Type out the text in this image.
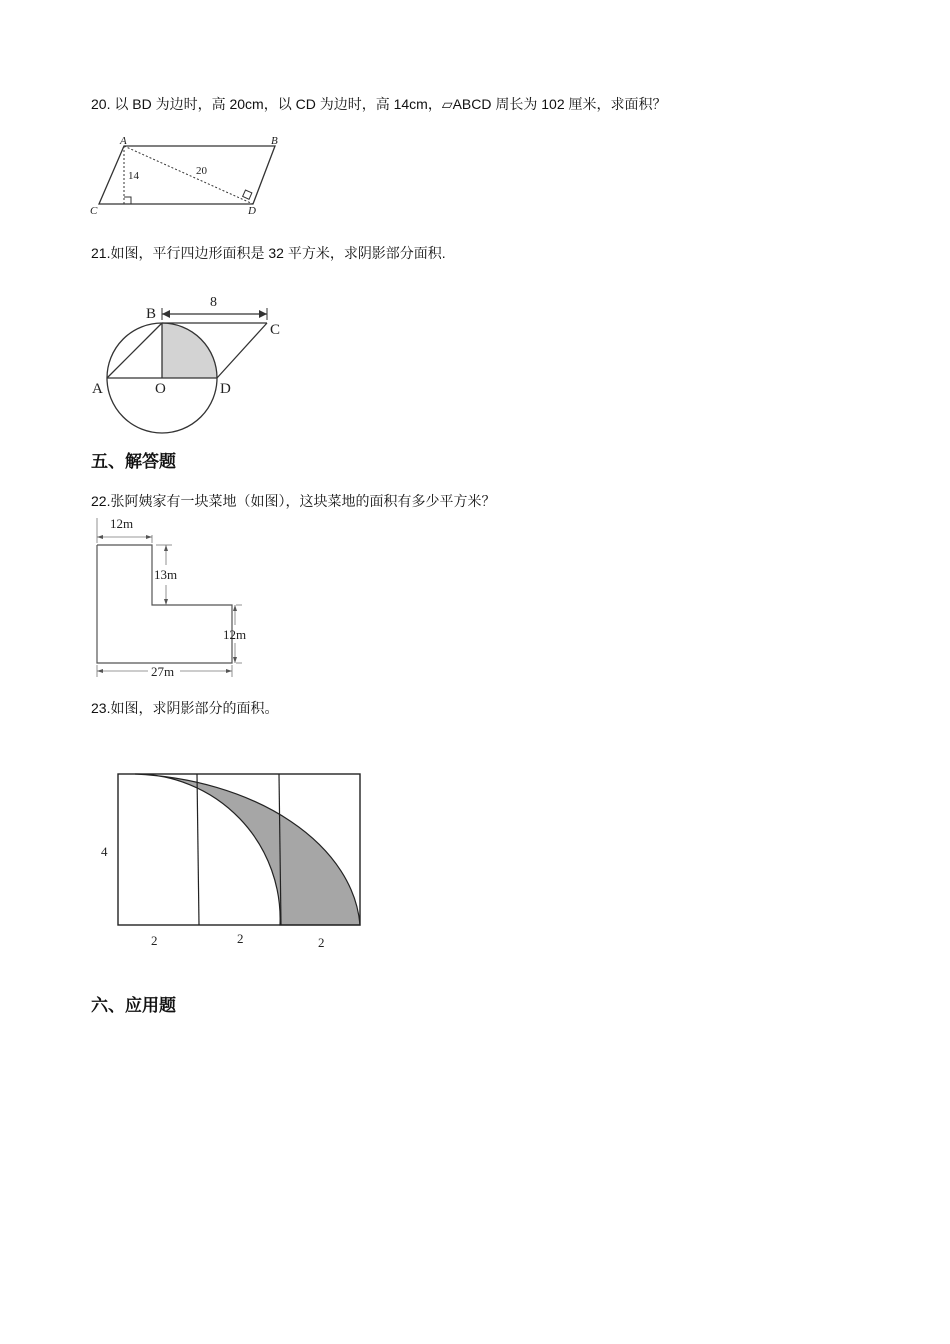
20. 以 BD 为边时，高 20cm，以 CD 为边时，高 14cm，▱ABCD 周长为 102 厘米，求面积？
A	B
C	D
14	20
21.如图，平行四边形面积是 32 平方米，求阴影部分面积.
8
B
C
A	O	D
五、解答题
22.张阿姨家有一块菜地（如图），这块菜地的面积有多少平方米？
12m
13m
12m
27m
23.如图，求阴影部分的面积。
4
2	2	2
六、应用题
